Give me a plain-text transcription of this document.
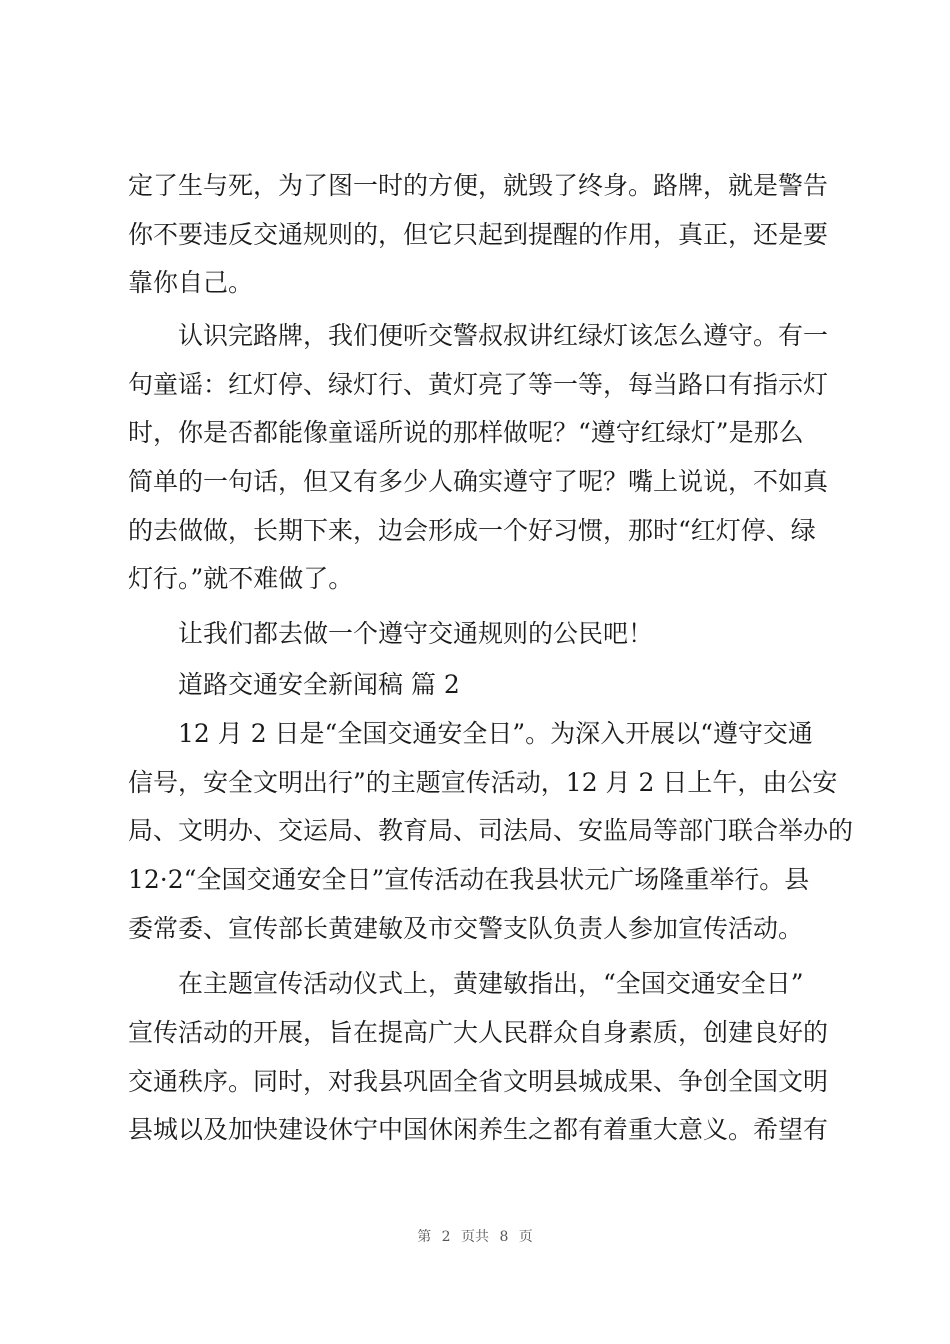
定了生与死，为了图一时的方便，就毁了终身。路牌，就是警告
你不要违反交通规则的，但它只起到提醒的作用，真正，还是要
靠你自己。
认识完路牌，我们便听交警叔叔讲红绿灯该怎么遵守。有一
句童谣：红灯停、绿灯行、黄灯亮了等一等，每当路口有指示灯
时，你是否都能像童谣所说的那样做呢？“遵守红绿灯”是那么
简单的一句话，但又有多少人确实遵守了呢？嘴上说说，不如真
的去做做，长期下来，边会形成一个好习惯，那时“红灯停、绿
灯行。”就不难做了。
让我们都去做一个遵守交通规则的公民吧！
道路交通安全新闻稿 篇 2
12 月 2 日是“全国交通安全日”。为深入开展以“遵守交通
信号，安全文明出行”的主题宣传活动，12 月 2 日上午，由公安
局、文明办、交运局、教育局、司法局、安监局等部门联合举办的
12·2“全国交通安全日”宣传活动在我县状元广场隆重举行。县
委常委、宣传部长黄建敏及市交警支队负责人参加宣传活动。
在主题宣传活动仪式上，黄建敏指出，“全国交通安全日”
宣传活动的开展，旨在提高广大人民群众自身素质，创建良好的
交通秩序。同时，对我县巩固全省文明县城成果、争创全国文明
县城以及加快建设休宁中国休闲养生之都有着重大意义。希望有
第 2 页共 8 页
